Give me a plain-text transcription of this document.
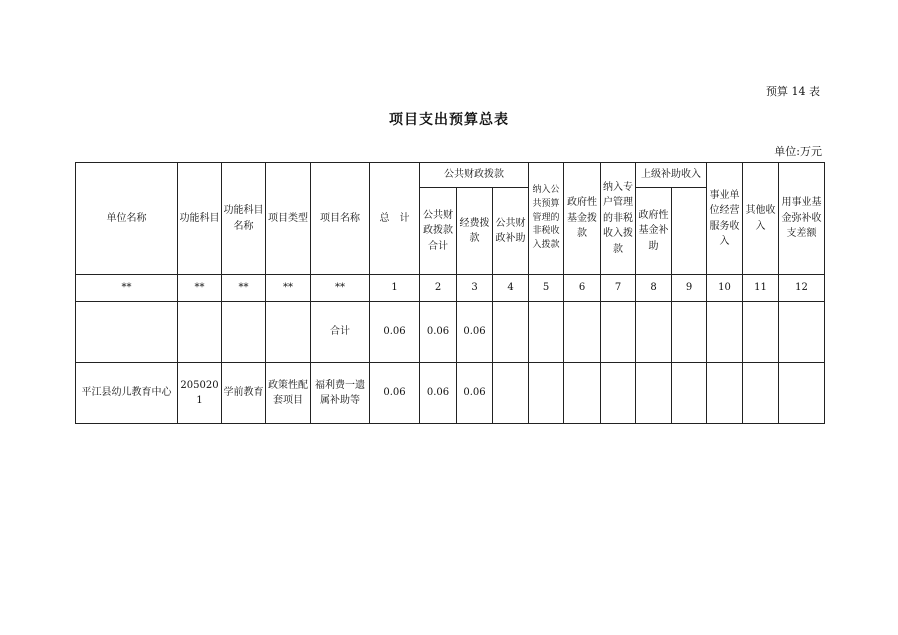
预算 14 表
项目支出预算总表
单位:万元
单位名称	功能科目	功能科目名称	项目类型	项目名称	总　计	公共财政拨款			纳入公共预算管理的非税收入拨款	政府性基金拨款	纳入专户管理的非税收入拨款	上级补助收入		事业单位经营服务收入	其他收入	用事业基金弥补收支差额	
						公共财政拨款合计	经费拨款	公共财政补助				政府性基金补助					
**	**	**	**	**	1	2	3	4	5	6	7	8	9	10	11	12	
				合计	0.06	0.06	0.06										
平江县幼儿教育中心	2050201	学前教育	政策性配套项目	福利费一遗属补助等	0.06	0.06	0.06										
